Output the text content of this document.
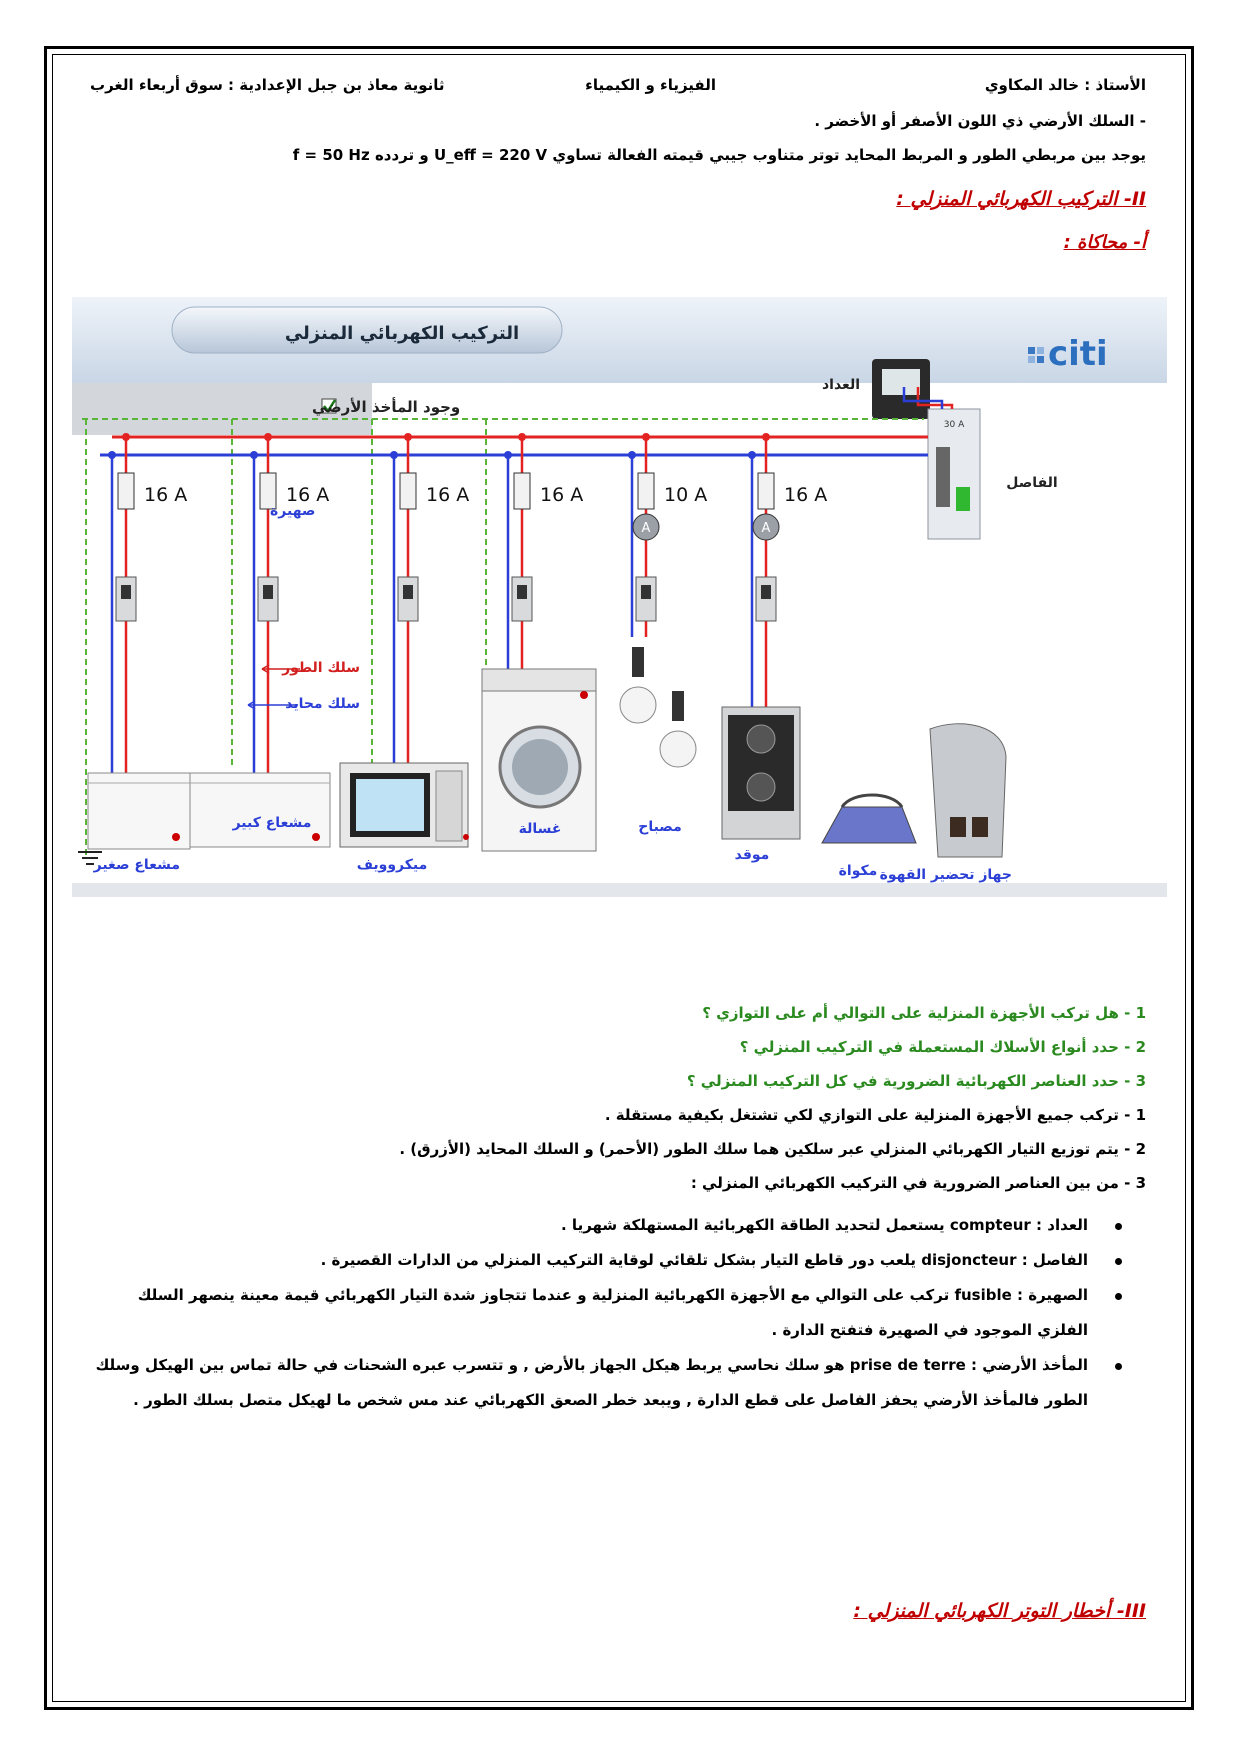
الأستاذ : خالد المكاوي
الفيزياء و الكيمياء
ثانوية معاذ بن جبل الإعدادية : سوق أربعاء الغرب
- السلك الأرضي ذي اللون الأصفر أو الأخضر .
يوجد بين مربطي الطور و المربط المحايد توتر متناوب جيبي قيمته الفعالة تساوي U_eff = 220 V و تردده f = 50 Hz
II- التركيب الكهربائي المنزلي :
أ- محاكاة :
التركيب الكهربائي المنزلي
citi
وجود المأخذ الأرضي
العداد
30 A
الفاصل
16 A	16 A	16 A	16 A	10 A
A
16 A
A
سلك الطور
سلك محايد
صهيرة
مشعاع صغير
مشعاع كبير
ميكروويف
غسالة	مصباح
موقد
مكواة جهاز تحضير القهوة
1 - هل تركب الأجهزة المنزلية على التوالي أم على التوازي ؟
2 - حدد أنواع الأسلاك المستعملة في التركيب المنزلي ؟
3 - حدد العناصر الكهربائية الضرورية في كل التركيب المنزلي ؟
1 - تركب جميع الأجهزة المنزلية على التوازي لكي تشتغل بكيفية مستقلة .
2 - يتم توزيع التيار الكهربائي المنزلي عبر سلكين هما سلك الطور (الأحمر) و السلك المحايد (الأزرق) .
3 - من بين العناصر الضرورية في التركيب الكهربائي المنزلي :
العداد : compteur يستعمل لتحديد الطاقة الكهربائية المستهلكة شهريا .
الفاصل : disjoncteur يلعب دور قاطع التيار بشكل تلقائي لوقاية التركيب المنزلي من الدارات القصيرة .
الصهيرة : fusible تركب على التوالي مع الأجهزة الكهربائية المنزلية و عندما تتجاوز شدة التيار الكهربائي قيمة معينة ينصهر السلك الفلزي الموجود في الصهيرة فتفتح الدارة .
المأخذ الأرضي : prise de terre هو سلك نحاسي يربط هيكل الجهاز بالأرض , و تتسرب عبره الشحنات في حالة تماس بين الهيكل وسلك الطور فالمأخذ الأرضي يحفز الفاصل على قطع الدارة , ويبعد خطر الصعق الكهربائي عند مس شخص ما لهيكل متصل بسلك الطور .
III- أخطار التوتر الكهربائي المنزلي :
